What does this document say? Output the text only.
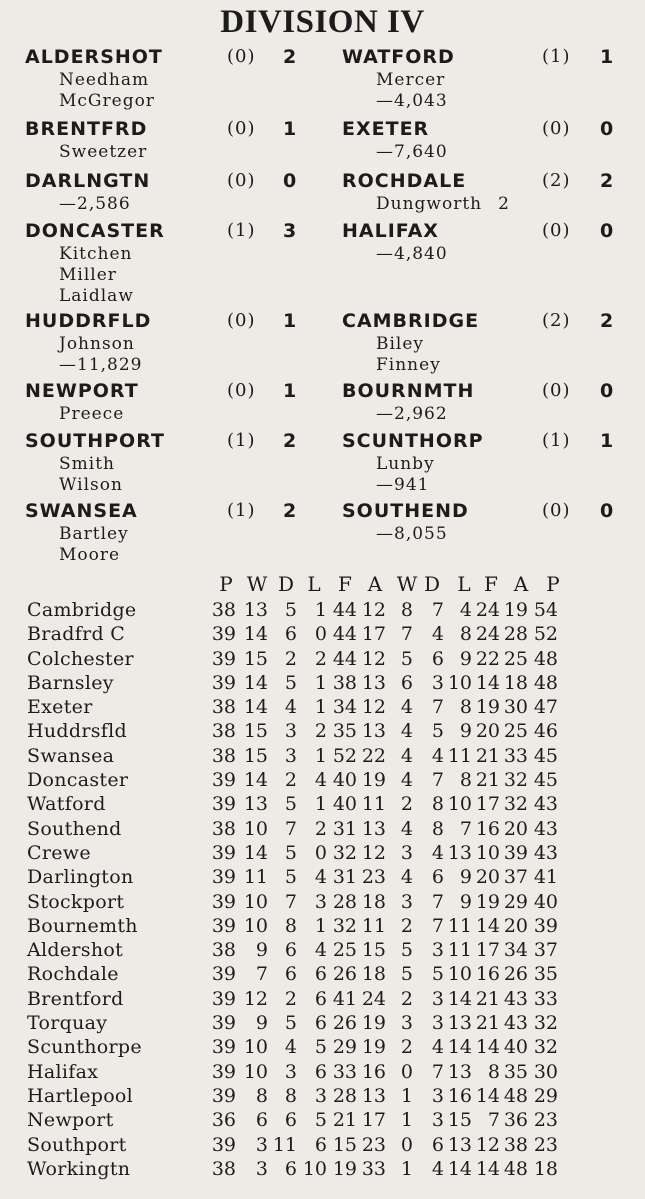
DIVISION IV
ALDERSHOT	(0) 2
Needham
McGregor
WATFORD	(1) 1
Mercer
—4,043
BRENTFRD	(0) 1
Sweetzer
EXETER	(0) 0
—7,640
DARLNGTN	(0) 0
—2,586
ROCHDALE	(2) 2
Dungworth 2
DONCASTER	(1) 3
Kitchen
Miller
Laidlaw
HALIFAX	(0) 0
—4,840
HUDDRFLD	(0) 1
Johnson
—11,829
CAMBRIDGE	(2) 2
Biley
Finney
NEWPORT	(0) 1
Preece
BOURNMTH	(0) 0
—2,962
SOUTHPORT	(1) 2
Smith
Wilson
SCUNTHORP	(1) 1
Lunby
—941
SWANSEA	(1) 2
Bartley
Moore
SOUTHEND	(0) 0
—8,055
P W D L F A W D L F A P
Cambridge	38 13 5 1 44 12 8 7 4 24 19 54
Bradfrd C	39 14 6 0 44 17 7 4 8 24 28 52
Colchester	39 15 2 2 44 12 5 6 9 22 25 48
Barnsley	39 14 5 1 38 13 6 3 10 14 18 48
Exeter	38 14 4 1 34 12 4 7 8 19 30 47
Huddrsfld	38 15 3 2 35 13 4 5 9 20 25 46
Swansea	38 15 3 1 52 22 4 4 11 21 33 45
Doncaster	39 14 2 4 40 19 4 7 8 21 32 45
Watford	39 13 5 1 40 11 2 8 10 17 32 43
Southend	38 10 7 2 31 13 4 8 7 16 20 43
Crewe	39 14 5 0 32 12 3 4 13 10 39 43
Darlington	39 11 5 4 31 23 4 6 9 20 37 41
Stockport	39 10 7 3 28 18 3 7 9 19 29 40
Bournemth	39 10 8 1 32 11 2 7 11 14 20 39
Aldershot	38	9 6 4 25 15 5 3 11 17 34 37
Rochdale	39	7 6 6 26 18 5 5 10 16 26 35
Brentford	39 12 2 6 41 24 2 3 14 21 43 33
Torquay	39	9 5 6 26 19 3 3 13 21 43 32
Scunthorpe	39 10 4 5 29 19 2 4 14 14 40 32
Halifax	39 10 3 6 33 16 0 7 13 8 35 30
Hartlepool	39	8 8 3 28 13 1 3 16 14 48 29
Newport	36	6 6 5 21 17 1 3 15 7 36 23
Southport	39	3 11 6 15 23 0 6 13 12 38 23
Workingtn	38	3 6 10 19 33 1 4 14 14 48 18
